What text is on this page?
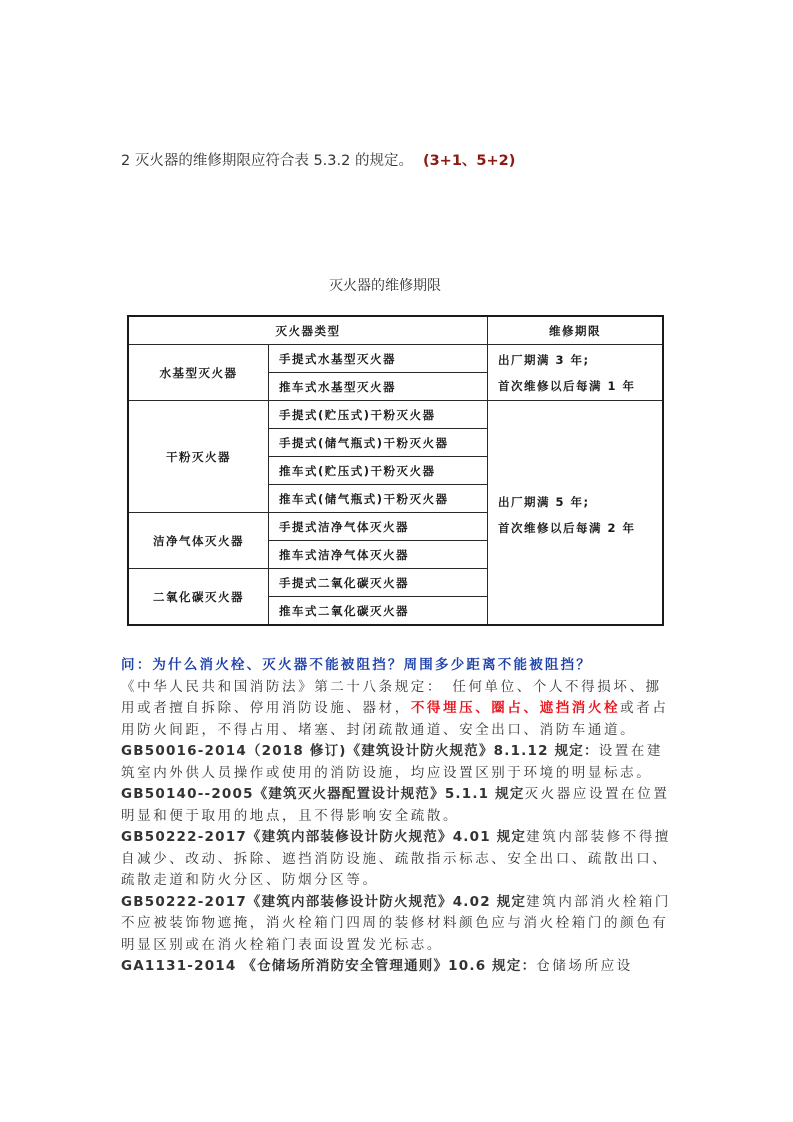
2 灭火器的维修期限应符合表 5.3.2 的规定。 (3+1、5+2)
灭火器的维修期限
灭火器类型		维修期限
水基型灭火器	手提式水基型灭火器	出厂期满 3 年;
首次维修以后每满 1 年

	推车式水基型灭火器	
干粉灭火器	手提式(贮压式)干粉灭火器	出厂期满 5 年;
首次维修以后每满 2 年

	手提式(储气瓶式)干粉灭火器	
	推车式(贮压式)干粉灭火器	
	推车式(储气瓶式)干粉灭火器	
洁净气体灭火器	手提式洁净气体灭火器	
	推车式洁净气体灭火器	
二氧化碳灭火器	手提式二氧化碳灭火器	
	推车式二氧化碳灭火器	

问：为什么消火栓、灭火器不能被阻挡？周围多少距离不能被阻挡？

《中华人民共和国消防法》第二十八条规定：　任何单位、个人不得损坏、挪用或者擅自拆除、停用消防设施、器材，不得埋压、圈占、遮挡消火栓或者占用防火间距，不得占用、堵塞、封闭疏散通道、安全出口、消防车通道。

GB50016-2014（2018 修订)《建筑设计防火规范》8.1.12 规定：设置在建筑室内外供人员操作或使用的消防设施，均应设置区别于环境的明显标志。

GB50140--2005《建筑灭火器配置设计规范》5.1.1 规定灭火器应设置在位置明显和便于取用的地点，且不得影响安全疏散。

GB50222-2017《建筑内部装修设计防火规范》4.01 规定建筑内部装修不得擅自减少、改动、拆除、遮挡消防设施、疏散指示标志、安全出口、疏散出口、疏散走道和防火分区、防烟分区等。

GB50222-2017《建筑内部装修设计防火规范》4.02 规定建筑内部消火栓箱门不应被装饰物遮掩，消火栓箱门四周的装修材料颜色应与消火栓箱门的颜色有明显区别或在消火栓箱门表面设置发光标志。

GA1131-2014 《仓储场所消防安全管理通则》10.6 规定：仓储场所应设
